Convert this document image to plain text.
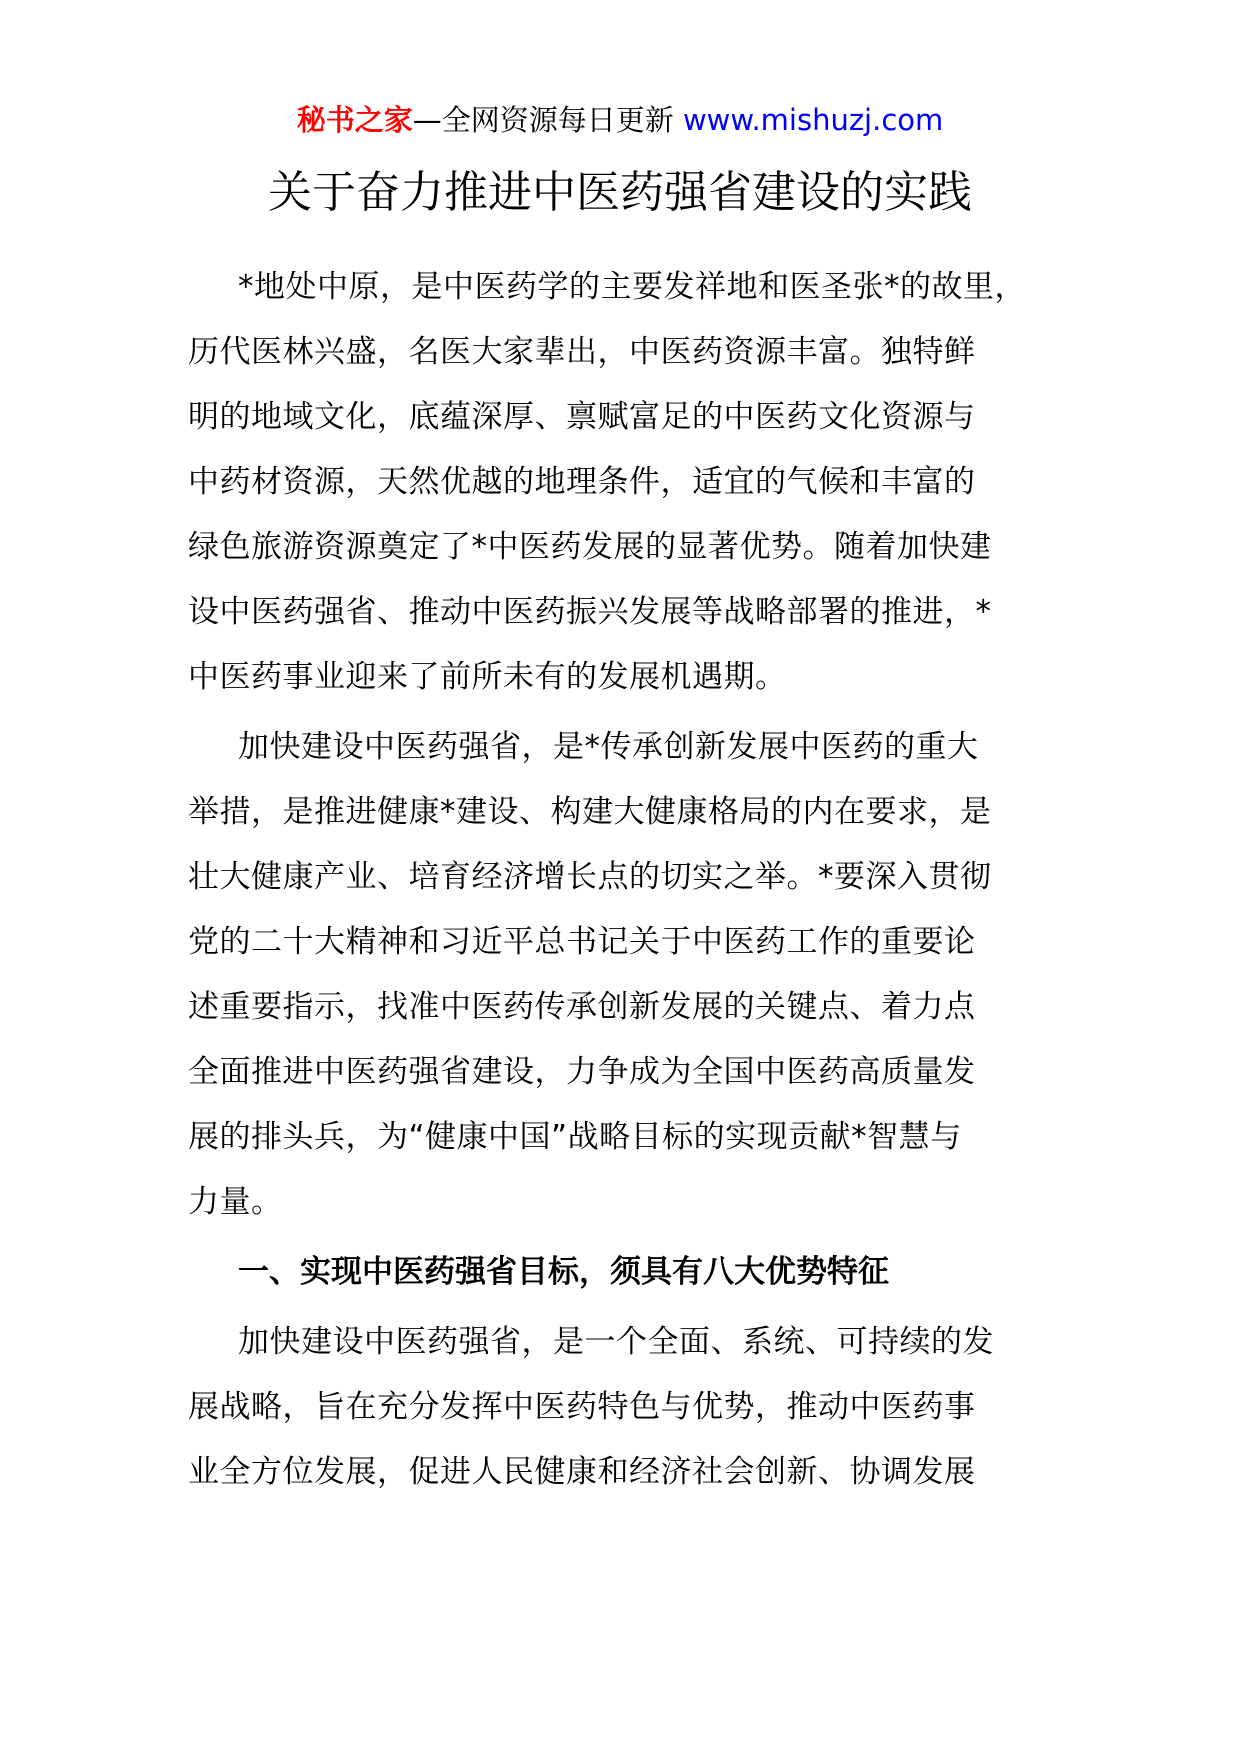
秘书之家—全网资源每日更新 www.mishuzj.com
关于奋力推进中医药强省建设的实践

*地处中原，是中医药学的主要发祥地和医圣张*的故里，
历代医林兴盛，名医大家辈出，中医药资源丰富。独特鲜
明的地域文化，底蕴深厚、禀赋富足的中医药文化资源与
中药材资源，天然优越的地理条件，适宜的气候和丰富的
绿色旅游资源奠定了*中医药发展的显著优势。随着加快建
设中医药强省、推动中医药振兴发展等战略部署的推进，*
中医药事业迎来了前所未有的发展机遇期。

加快建设中医药强省，是*传承创新发展中医药的重大
举措，是推进健康*建设、构建大健康格局的内在要求，是
壮大健康产业、培育经济增长点的切实之举。*要深入贯彻
党的二十大精神和习近平总书记关于中医药工作的重要论
述重要指示，找准中医药传承创新发展的关键点、着力点
全面推进中医药强省建设，力争成为全国中医药高质量发
展的排头兵，为“健康中国”战略目标的实现贡献*智慧与
力量。

一、实现中医药强省目标，须具有八大优势特征

加快建设中医药强省，是一个全面、系统、可持续的发
展战略，旨在充分发挥中医药特色与优势，推动中医药事
业全方位发展，促进人民健康和经济社会创新、协调发展
